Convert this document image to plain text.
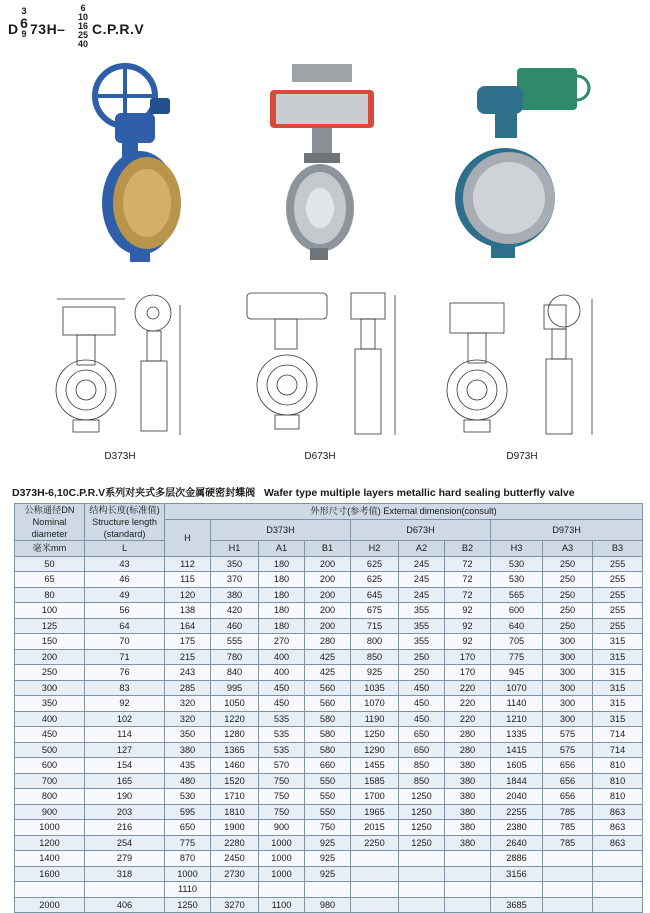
D
3
6
9 73H–
6
10
16
25
40
C.P.R.V
D373H	D673H	D973H
D373H-6,10C.P.R.V系列对夹式多层次金属硬密封蝶阀 Wafer type multiple layers metallic hard sealing butterfly valve
公称通径DN Nominal diameter	结构长度(标准值) Structure length (standard)	外形尺寸(参考值) External dimension(consult)									
		H	D373H			D673H			D973H		
毫米mm	L		H1	A1	B1	H2	A2	B2	H3	A3	B3
50	43	112	350	180	200	625	245	72	530	250	255
65	46	115	370	180	200	625	245	72	530	250	255
80	49	120	380	180	200	645	245	72	565	250	255
100	56	138	420	180	200	675	355	92	600	250	255
125	64	164	460	180	200	715	355	92	640	250	255
150	70	175	555	270	280	800	355	92	705	300	315
200	71	215	780	400	425	850	250	170	775	300	315
250	76	243	840	400	425	925	250	170	945	300	315
300	83	285	995	450	560	1035	450	220	1070	300	315
350	92	320	1050	450	560	1070	450	220	1140	300	315
400	102	320	1220	535	580	1190	450	220	1210	300	315
450	114	350	1280	535	580	1250	650	280	1335	575	714
500	127	380	1365	535	580	1290	650	280	1415	575	714
600	154	435	1460	570	660	1455	850	380	1605	656	810
700	165	480	1520	750	550	1585	850	380	1844	656	810
800	190	530	1710	750	550	1700	1250	380	2040	656	810
900	203	595	1810	750	550	1965	1250	380	2255	785	863
1000	216	650	1900	900	750	2015	1250	380	2380	785	863
1200	254	775	2280	1000	925	2250	1250	380	2640	785	863
1400	279	870	2450	1000	925				2886		
1600	318	1000	2730	1000	925				3156		
		1110									
2000	406	1250	3270	1100	980				3685		
